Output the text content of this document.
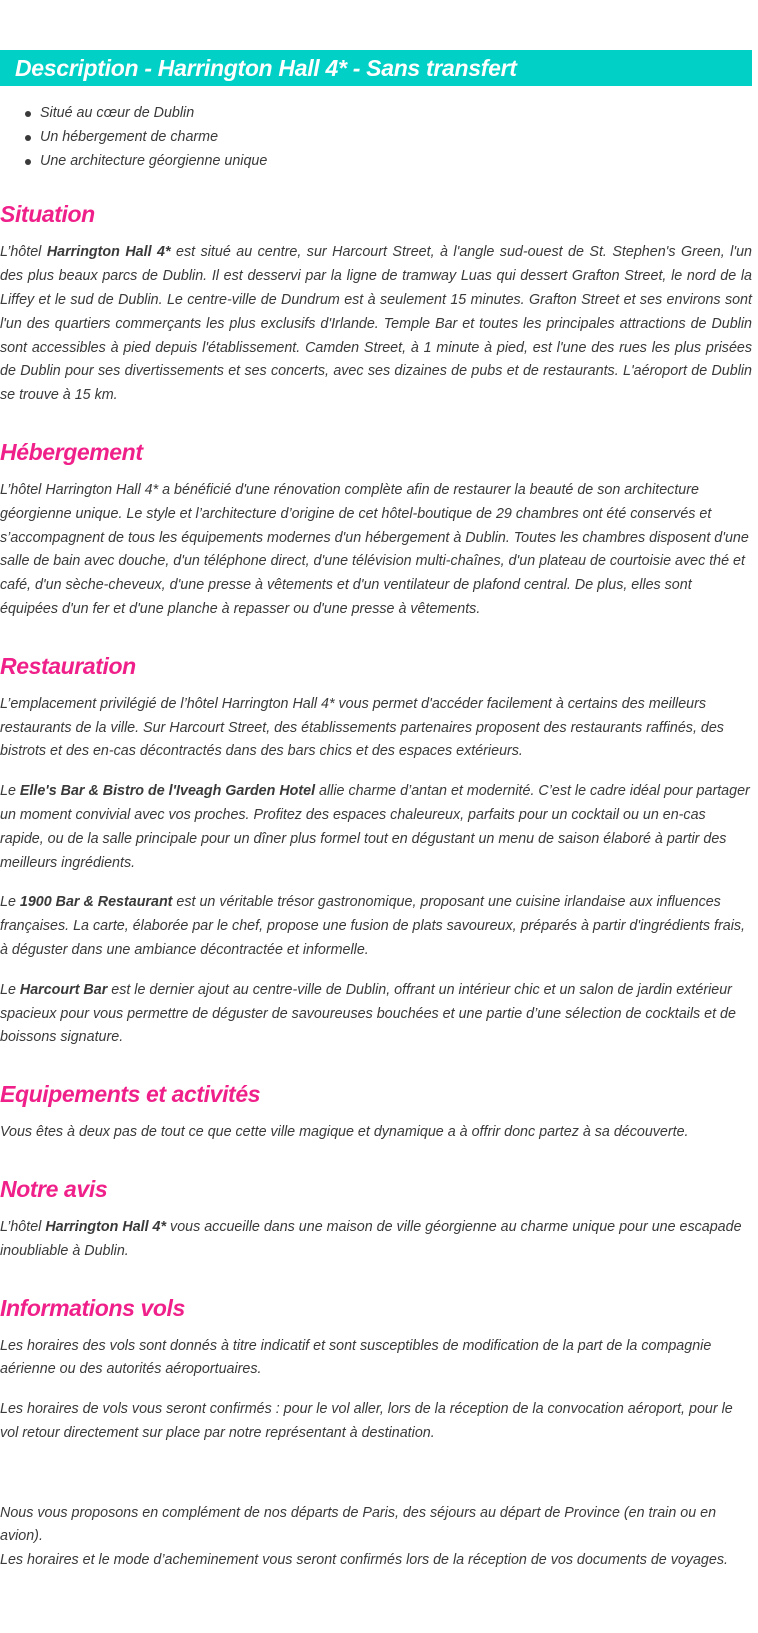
Description - Harrington Hall 4* - Sans transfert
Situé au cœur de Dublin
Un hébergement de charme
Une architecture géorgienne unique
Situation

L’hôtel Harrington Hall 4* est situé au centre, sur Harcourt Street, à l'angle sud-ouest de St. Stephen's Green, l'un des plus beaux parcs de Dublin. Il est desservi par la ligne de tramway Luas qui dessert Grafton Street, le nord de la Liffey et le sud de Dublin. Le centre-ville de Dundrum est à seulement 15 minutes. Grafton Street et ses environs sont l'un des quartiers commerçants les plus exclusifs d'Irlande. Temple Bar et toutes les principales attractions de Dublin sont accessibles à pied depuis l'établissement. Camden Street, à 1 minute à pied, est l'une des rues les plus prisées de Dublin pour ses divertissements et ses concerts, avec ses dizaines de pubs et de restaurants. L'aéroport de Dublin se trouve à 15 km.

Hébergement

L’hôtel Harrington Hall 4* a bénéficié d'une rénovation complète afin de restaurer la beauté de son architecture géorgienne unique. Le style et l’architecture d’origine de cet hôtel-boutique de 29 chambres ont été conservés et s’accompagnent de tous les équipements modernes d'un hébergement à Dublin. Toutes les chambres disposent d'une salle de bain avec douche, d'un téléphone direct, d'une télévision multi-chaînes, d'un plateau de courtoisie avec thé et café, d'un sèche-cheveux, d'une presse à vêtements et d'un ventilateur de plafond central. De plus, elles sont équipées d'un fer et d'une planche à repasser ou d'une presse à vêtements.

Restauration

L’emplacement privilégié de l’hôtel Harrington Hall 4* vous permet d'accéder facilement à certains des meilleurs restaurants de la ville. Sur Harcourt Street, des établissements partenaires proposent des restaurants raffinés, des bistrots et des en-cas décontractés dans des bars chics et des espaces extérieurs.

Le Elle's Bar & Bistro de l'Iveagh Garden Hotel allie charme d’antan et modernité. C’est le cadre idéal pour partager un moment convivial avec vos proches. Profitez des espaces chaleureux, parfaits pour un cocktail ou un en-cas rapide, ou de la salle principale pour un dîner plus formel tout en dégustant un menu de saison élaboré à partir des meilleurs ingrédients.

Le 1900 Bar & Restaurant est un véritable trésor gastronomique, proposant une cuisine irlandaise aux influences françaises. La carte, élaborée par le chef, propose une fusion de plats savoureux, préparés à partir d'ingrédients frais, à déguster dans une ambiance décontractée et informelle.

Le Harcourt Bar est le dernier ajout au centre-ville de Dublin, offrant un intérieur chic et un salon de jardin extérieur spacieux pour vous permettre de déguster de savoureuses bouchées et une partie d’une sélection de cocktails et de boissons signature.

Equipements et activités

Vous êtes à deux pas de tout ce que cette ville magique et dynamique a à offrir donc partez à sa découverte.

Notre avis

L’hôtel Harrington Hall 4* vous accueille dans une maison de ville géorgienne au charme unique pour une escapade inoubliable à Dublin.

Informations vols

Les horaires des vols sont donnés à titre indicatif et sont susceptibles de modification de la part de la compagnie aérienne ou des autorités aéroportuaires.

Les horaires de vols vous seront confirmés : pour le vol aller, lors de la réception de la convocation aéroport, pour le vol retour directement sur place par notre représentant à destination.

Nous vous proposons en complément de nos départs de Paris, des séjours au départ de Province (en train ou en avion).
Les horaires et le mode d’acheminement vous seront confirmés lors de la réception de vos documents de voyages.
